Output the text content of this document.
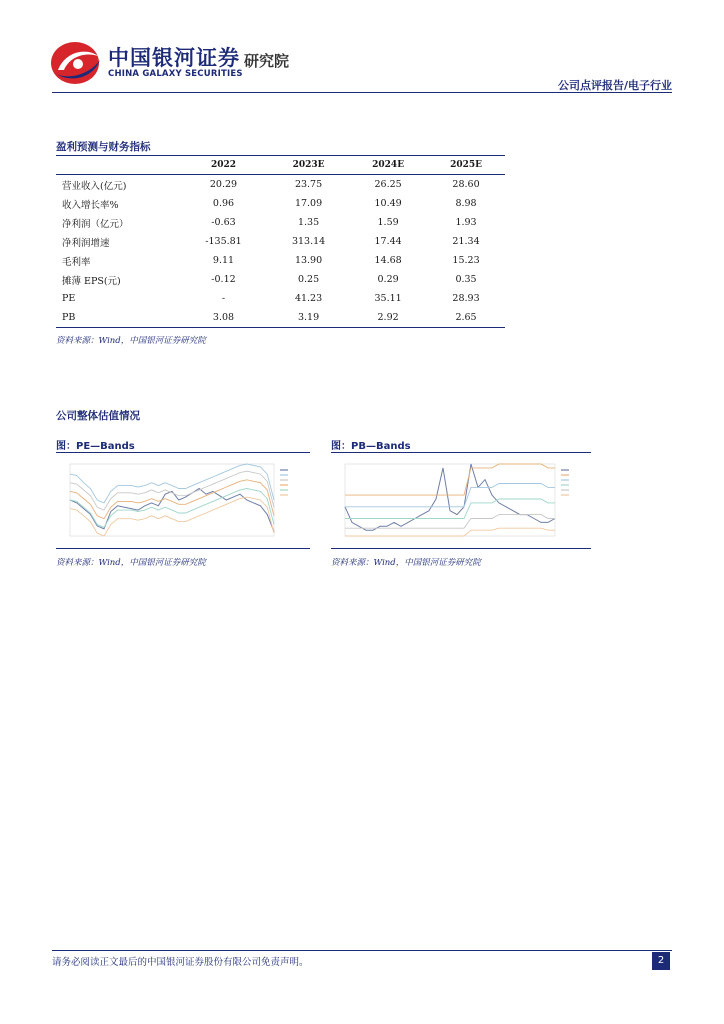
中国银河证券
CHINA GALAXY SECURITIES
研究院
公司点评报告/电子行业
盈利预测与财务指标
	2022	2023E	2024E	2025E
营业收入(亿元)	20.29	23.75	26.25	28.60
收入增长率%	0.96	17.09	10.49	8.98
净利润（亿元）	-0.63	1.35	1.59	1.93
净利润增速	-135.81	313.14	17.44	21.34
毛利率	9.11	13.90	14.68	15.23
摊薄 EPS(元)	-0.12	0.25	0.29	0.35
PE	-	41.23	35.11	28.93
PB	3.08	3.19	2.92	2.65
资料来源：Wind，中国银河证券研究院
公司整体估值情况
图：PE—Bands
资料来源：Wind，中国银河证券研究院
图：PB—Bands
资料来源：Wind，中国银河证券研究院
请务必阅读正文最后的中国银河证券股份有限公司免责声明。	2
